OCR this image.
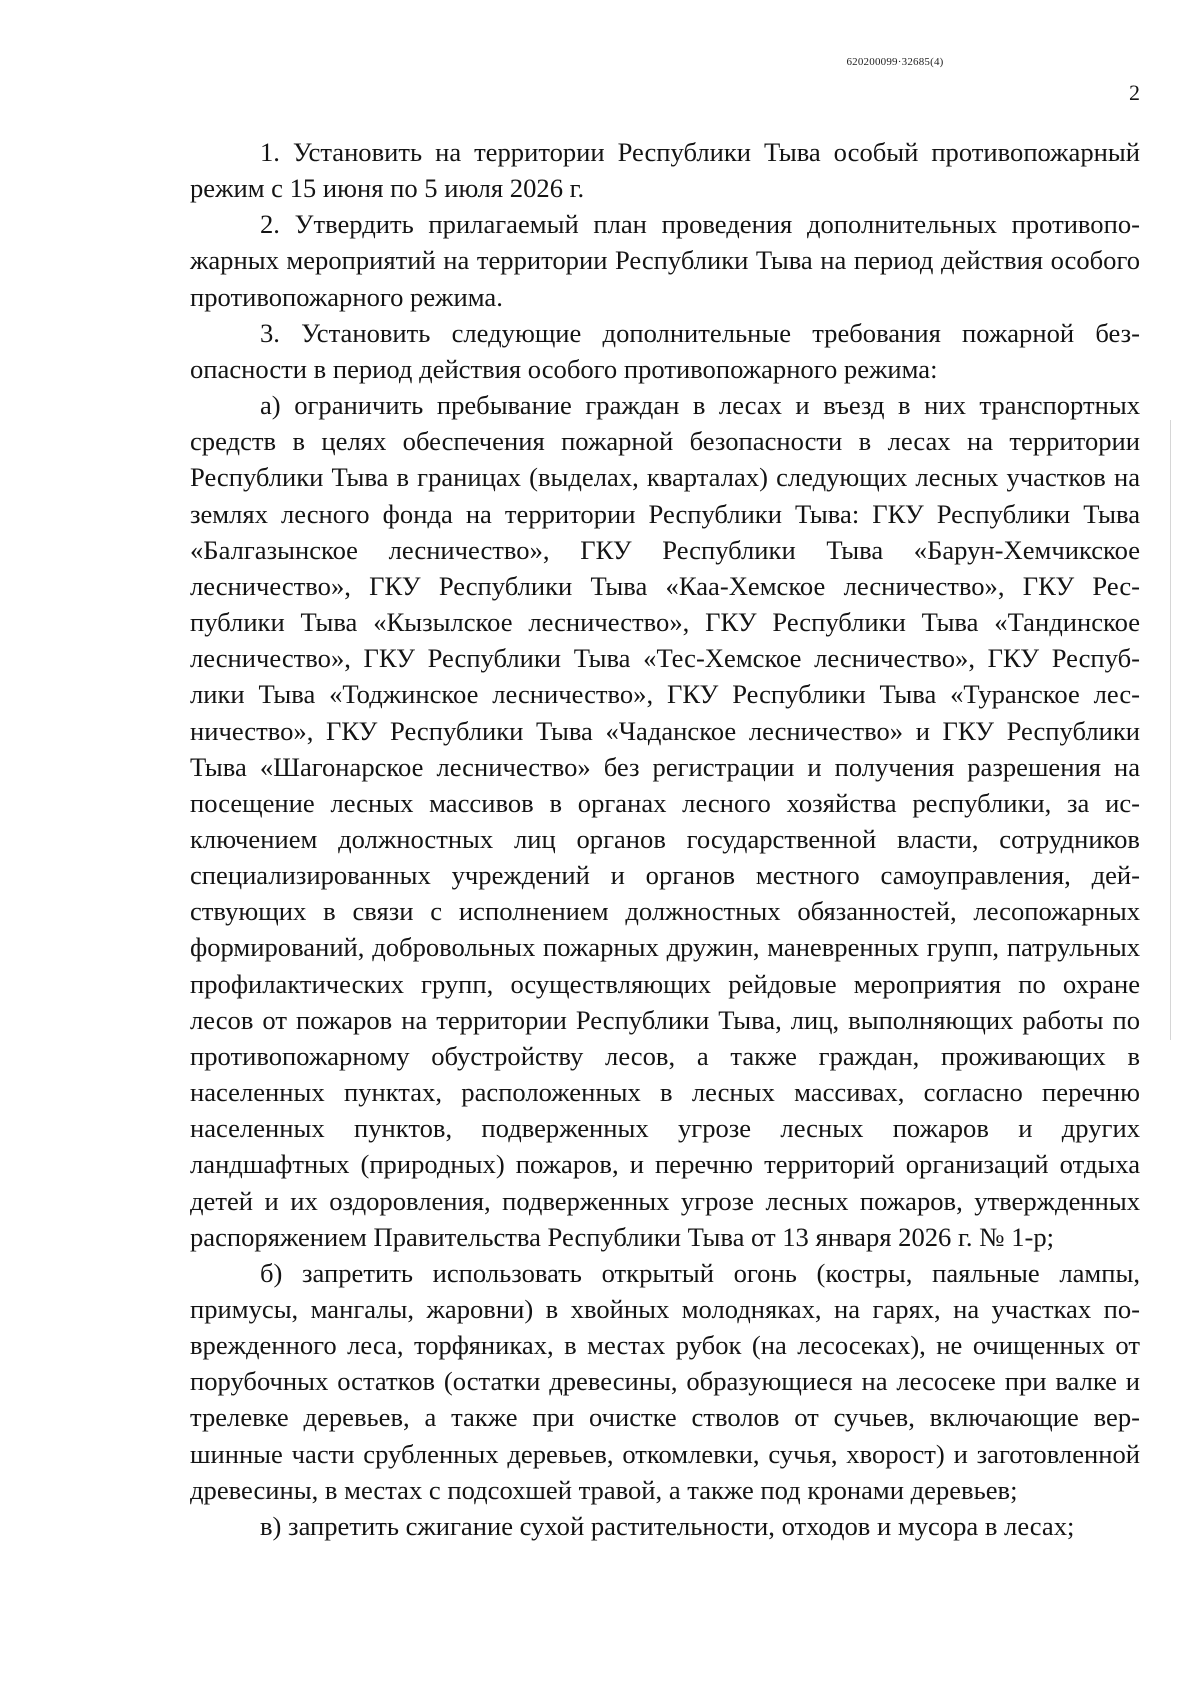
620200099·32685(4)
2

1. Установить на территории Республики Тыва особый противопожарный режим с 15 июня по 5 июля 2026 г.

2. Утвердить прилагаемый план проведения дополнительных противопожарных мероприятий на территории Республики Тыва на период действия особого противопожарного режима.

3. Установить следующие дополнительные требования пожарной безопасности в период действия особого противопожарного режима:

а) ограничить пребывание граждан в лесах и въезд в них транспортных средств в целях обеспечения пожарной безопасности в лесах на территории Республики Тыва в границах (выделах, кварталах) следующих лесных участков на землях лесного фонда на территории Республики Тыва: ГКУ Республики Тыва «Балгазынское лесничество», ГКУ Республики Тыва «Барун-Хемчикское лесничество», ГКУ Республики Тыва «Каа-Хемское лесничество», ГКУ Республики Тыва «Кызылское лесничество», ГКУ Республики Тыва «Тандинское лесничество», ГКУ Республики Тыва «Тес-Хемское лесничество», ГКУ Республики Тыва «Тоджинское лесничество», ГКУ Республики Тыва «Туранское лесничество», ГКУ Республики Тыва «Чаданское лесничество» и ГКУ Республики Тыва «Шагонарское лесничество» без регистрации и получения разрешения на посещение лесных массивов в органах лесного хозяйства республики, за исключением должностных лиц органов государственной власти, сотрудников специализированных учреждений и органов местного самоуправления, действующих в связи с исполнением должностных обязанностей, лесопожарных формирований, добровольных пожарных дружин, маневренных групп, патрульных профилактических групп, осуществляющих рейдовые мероприятия по охране лесов от пожаров на территории Республики Тыва, лиц, выполняющих работы по противопожарному обустройству лесов, а также граждан, проживающих в населенных пунктах, расположенных в лесных массивах, согласно перечню населенных пунктов, подверженных угрозе лесных пожаров и других ландшафтных (природных) пожаров, и перечню территорий организаций отдыха детей и их оздоровления, подверженных угрозе лесных пожаров, утвержденных распоряжением Правительства Республики Тыва от 13 января 2026 г. № 1-р;

б) запретить использовать открытый огонь (костры, паяльные лампы, примусы, мангалы, жаровни) в хвойных молодняках, на гарях, на участках поврежденного леса, торфяниках, в местах рубок (на лесосеках), не очищенных от порубочных остатков (остатки древесины, образующиеся на лесосеке при валке и трелевке деревьев, а также при очистке стволов от сучьев, включающие вершинные части срубленных деревьев, откомлевки, сучья, хворост) и заготовленной древесины, в местах с подсохшей травой, а также под кронами деревьев;

в) запретить сжигание сухой растительности, отходов и мусора в лесах;
